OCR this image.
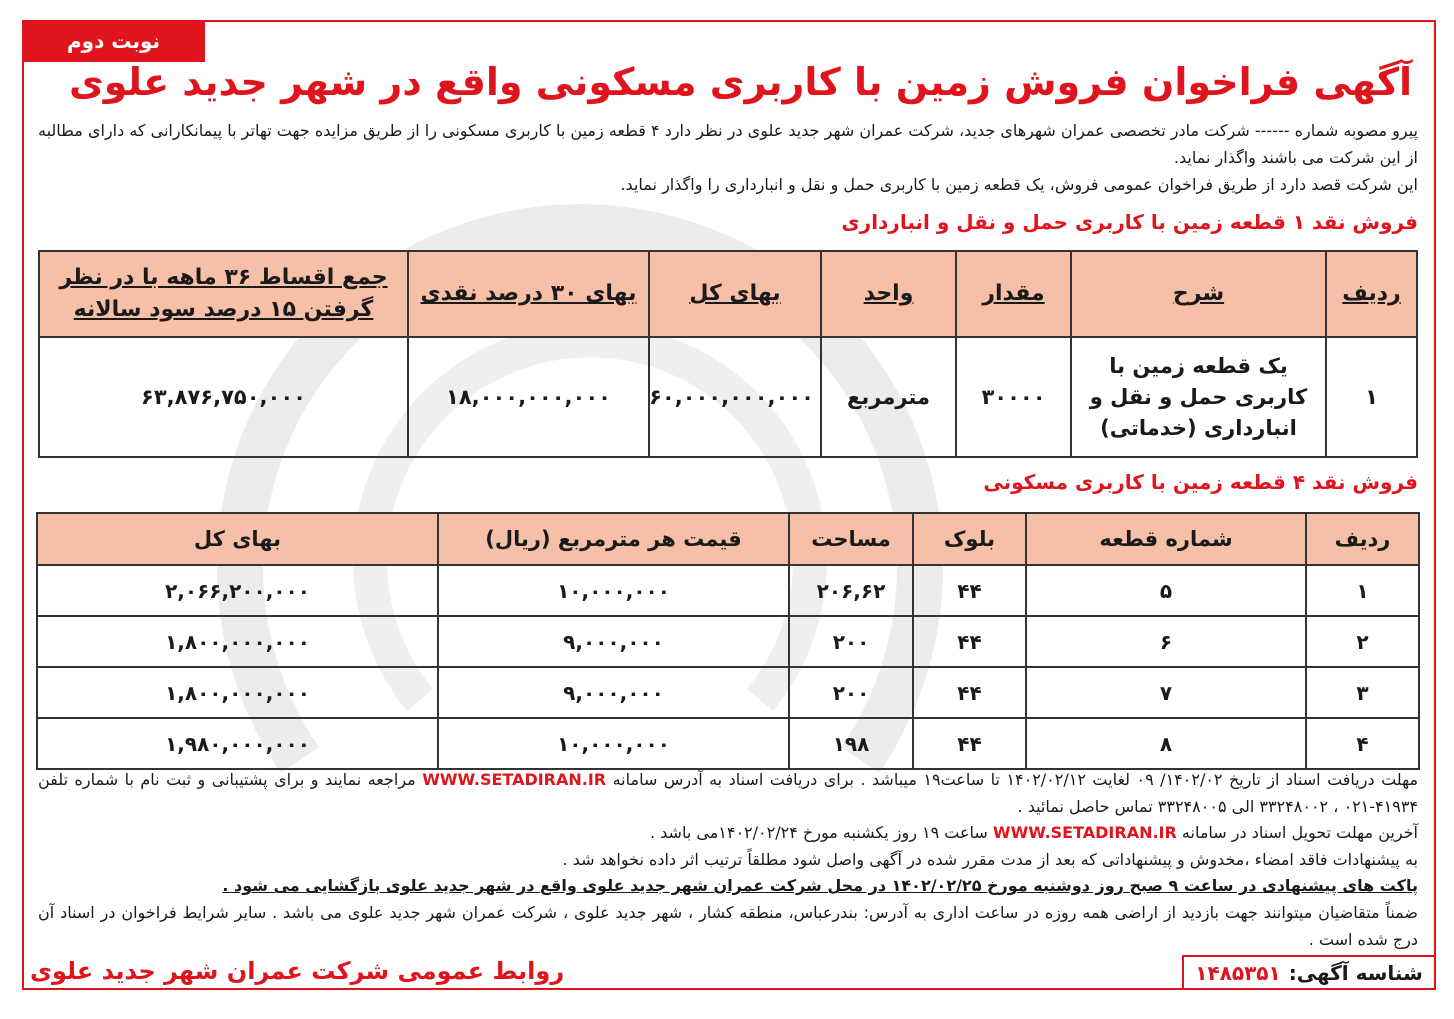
نوبت دوم
آگهی فراخوان فروش زمین با کاربری مسکونی واقع در شهر جدید علوی

پیرو مصوبه شماره ------ شرکت مادر تخصصی عمران شهرهای جدید، شرکت عمران شهر جدید علوی در نظر دارد ۴ قطعه زمین با کاربری مسکونی را از طریق مزایده جهت تهاتر با پیمانکارانی که دارای مطالبه از این شرکت می باشند واگذار نماید.

این شرکت قصد دارد از طریق فراخوان عمومی فروش، یک قطعه زمین با کاربری حمل و نقل و انبارداری را واگذار نماید.

فروش نقد ۱ قطعه زمین با کاربری حمل و نقل و انبارداری
ردیف	شرح	مقدار	واحد	بهای کل	بهای ۳۰ درصد نقدی	جمع اقساط ۳۶ ماهه با در نظر گرفتن ۱۵ درصد سود سالانه
۱	یک قطعه زمین با کاربری حمل و نقل و انبارداری (خدماتی)	۳۰۰۰۰	مترمربع	۶۰,۰۰۰,۰۰۰,۰۰۰	۱۸,۰۰۰,۰۰۰,۰۰۰	۶۳,۸۷۶,۷۵۰,۰۰۰
فروش نقد ۴ قطعه زمین با کاربری مسکونی
ردیف	شماره قطعه	بلوک	مساحت	قیمت هر مترمربع (ریال)	بهای کل
۱	۵	۴۴	۲۰۶,۶۲	۱۰,۰۰۰,۰۰۰	۲,۰۶۶,۲۰۰,۰۰۰
۲	۶	۴۴	۲۰۰	۹,۰۰۰,۰۰۰	۱,۸۰۰,۰۰۰,۰۰۰
۳	۷	۴۴	۲۰۰	۹,۰۰۰,۰۰۰	۱,۸۰۰,۰۰۰,۰۰۰
۴	۸	۴۴	۱۹۸	۱۰,۰۰۰,۰۰۰	۱,۹۸۰,۰۰۰,۰۰۰

مهلت دریافت اسناد از تاریخ ۱۴۰۲/۰۲/ ۰۹ لغایت ۱۴۰۲/۰۲/۱۲ تا ساعت۱۹ میباشد . برای دریافت اسناد به آدرس سامانه WWW.SETADIRAN.IR مراجعه نمایند و برای پشتیبانی و ثبت نام با شماره تلفن ۴۱۹۳۴-۰۲۱ ، ۳۳۲۴۸۰۰۲ الی ۳۳۲۴۸۰۰۵ تماس حاصل نمائید .

آخرین مهلت تحویل اسناد در سامانه WWW.SETADIRAN.IR ساعت ۱۹ روز یکشنبه مورخ ۱۴۰۲/۰۲/۲۴می باشد .

به پیشنهادات فاقد امضاء ،مخدوش و پیشنهاداتی که بعد از مدت مقرر شده در آگهی واصل شود مطلقاً ترتیب اثر داده نخواهد شد .

پاکت های پیشنهادی در ساعت ۹ صبح روز دوشنبه مورخ ۱۴۰۲/۰۲/۲۵ در محل شرکت عمران شهر جدید علوی واقع در شهر جدید علوی بازگشایی می شود .

ضمناً متقاضیان میتوانند جهت بازدید از اراضی همه روزه در ساعت اداری به آدرس: بندرعباس، منطقه کشار ، شهر جدید علوی ، شرکت عمران شهر جدید علوی می باشد . سایر شرایط فراخوان در اسناد آن درج شده است .

شناسه آگهی:
۱۴۸۵۳۵۱
روابط عمومی شرکت عمران شهر جدید علوی
